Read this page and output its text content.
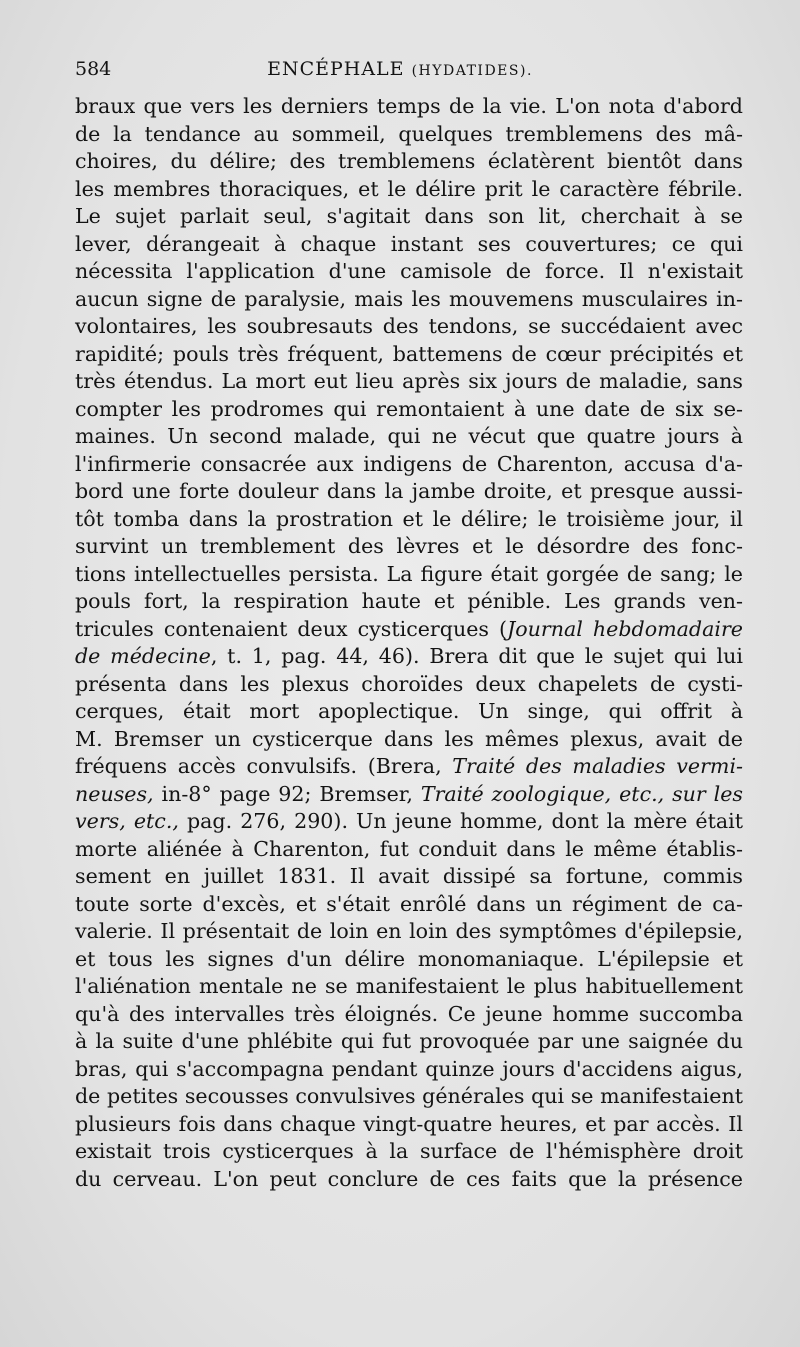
584	ENCÉPHALE (HYDATIDES).
braux que vers les derniers temps de la vie. L'on nota d'abord
de la tendance au sommeil, quelques tremblemens des mâ-
choires, du délire; des tremblemens éclatèrent bientôt dans
les membres thoraciques, et le délire prit le caractère fébrile.
Le sujet parlait seul, s'agitait dans son lit, cherchait à se
lever, dérangeait à chaque instant ses couvertures; ce qui
nécessita l'application d'une camisole de force. Il n'existait
aucun signe de paralysie, mais les mouvemens musculaires in-
volontaires, les soubresauts des tendons, se succédaient avec
rapidité; pouls très fréquent, battemens de cœur précipités et
très étendus. La mort eut lieu après six jours de maladie, sans
compter les prodromes qui remontaient à une date de six se-
maines. Un second malade, qui ne vécut que quatre jours à
l'infirmerie consacrée aux indigens de Charenton, accusa d'a-
bord une forte douleur dans la jambe droite, et presque aussi-
tôt tomba dans la prostration et le délire; le troisième jour, il
survint un tremblement des lèvres et le désordre des fonc-
tions intellectuelles persista. La figure était gorgée de sang; le
pouls fort, la respiration haute et pénible. Les grands ven-
tricules contenaient deux cysticerques (Journal hebdomadaire
de médecine, t. 1, pag. 44, 46). Brera dit que le sujet qui lui
présenta dans les plexus choroïdes deux chapelets de cysti-
cerques, était mort apoplectique. Un singe, qui offrit à
M. Bremser un cysticerque dans les mêmes plexus, avait de
fréquens accès convulsifs. (Brera, Traité des maladies vermi-
neuses, in-8° page 92; Bremser, Traité zoologique, etc., sur les
vers, etc., pag. 276, 290). Un jeune homme, dont la mère était
morte aliénée à Charenton, fut conduit dans le même établis-
sement en juillet 1831. Il avait dissipé sa fortune, commis
toute sorte d'excès, et s'était enrôlé dans un régiment de ca-
valerie. Il présentait de loin en loin des symptômes d'épilepsie,
et tous les signes d'un délire monomaniaque. L'épilepsie et
l'aliénation mentale ne se manifestaient le plus habituellement
qu'à des intervalles très éloignés. Ce jeune homme succomba
à la suite d'une phlébite qui fut provoquée par une saignée du
bras, qui s'accompagna pendant quinze jours d'accidens aigus,
de petites secousses convulsives générales qui se manifestaient
plusieurs fois dans chaque vingt-quatre heures, et par accès. Il
existait trois cysticerques à la surface de l'hémisphère droit
du cerveau. L'on peut conclure de ces faits que la présence
